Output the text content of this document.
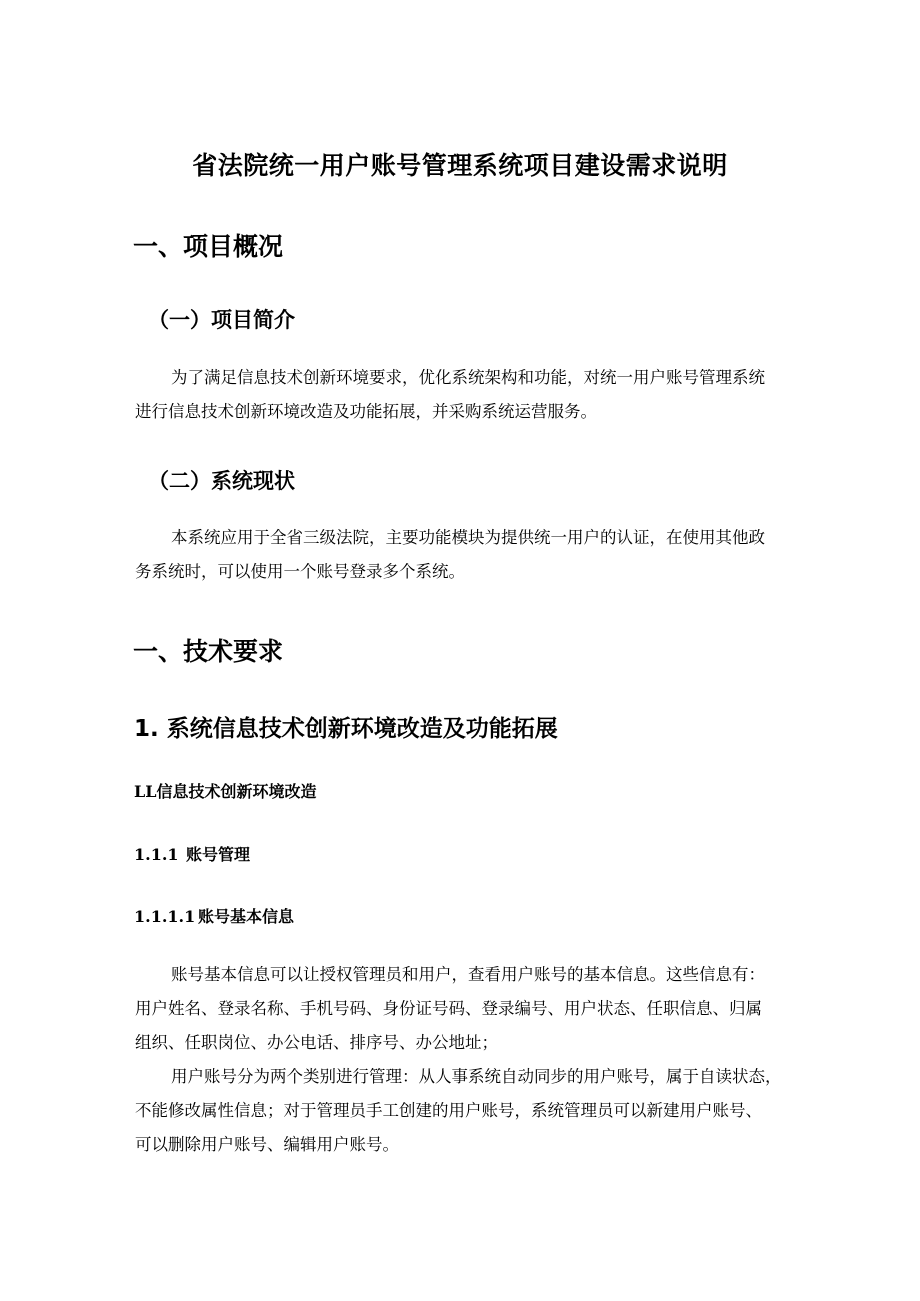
省法院统一用户账号管理系统项目建设需求说明
一、项目概况
（一）项目简介

为了满足信息技术创新环境要求，优化系统架构和功能，对统一用户账号管理系统
进行信息技术创新环境改造及功能拓展，并采购系统运营服务。

（二）系统现状

本系统应用于全省三级法院，主要功能模块为提供统一用户的认证，在使用其他政
务系统时，可以使用一个账号登录多个系统。

一、技术要求
1. 系统信息技术创新环境改造及功能拓展
LL信息技术创新环境改造
1.1.1 账号管理
1.1.1.1 账号基本信息

账号基本信息可以让授权管理员和用户，查看用户账号的基本信息。这些信息有：
用户姓名、登录名称、手机号码、身份证号码、登录编号、用户状态、任职信息、归属
组织、任职岗位、办公电话、排序号、办公地址；

用户账号分为两个类别进行管理：从人事系统自动同步的用户账号，属于自读状态，
不能修改属性信息；对于管理员手工创建的用户账号，系统管理员可以新建用户账号、
可以删除用户账号、编辑用户账号。
